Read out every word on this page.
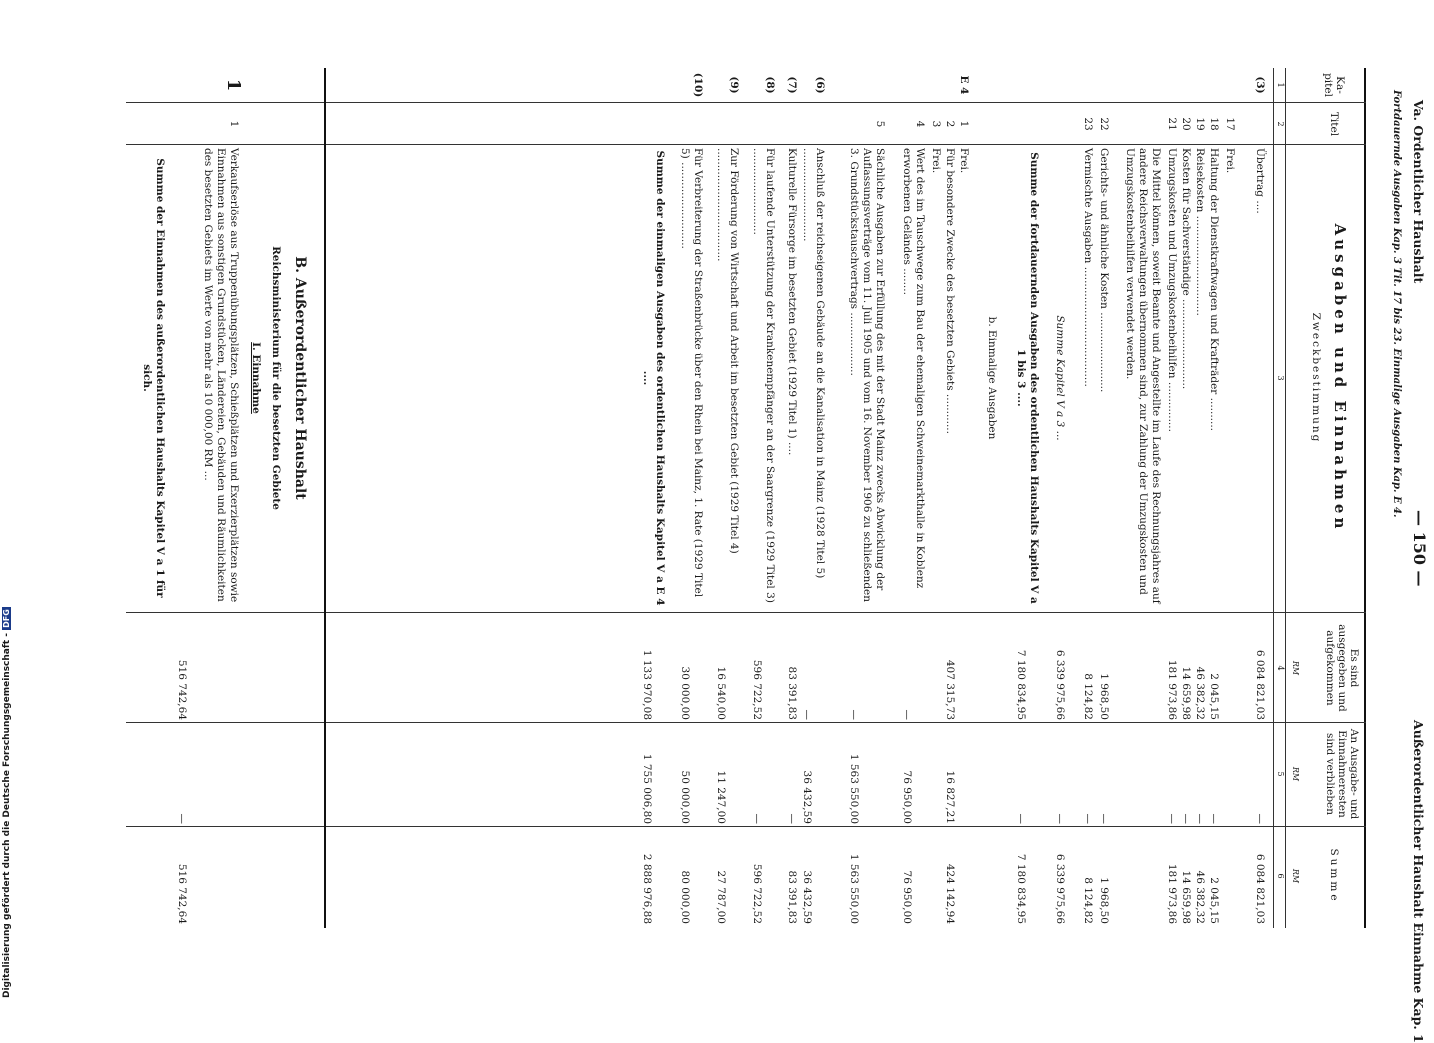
Va. Ordentlicher Haushalt
— 150 —
Außerordentlicher Haushalt Einnahme Kap. 1
Fortdauernde Ausgaben Kap. 3 Tit. 17 bis 23. Einmalige Ausgaben Kap. E 4.
Ka- pitel
Titel
Ausgaben und Einnahmen
Zweckbestimmung
Es sind ausgegeben und aufgekommen
An Ausgabe- und Einnahmeresten sind verblieben
Summe
RM
RM
RM
1
2
3
4
5
6
(3)
Übertrag ....
6 084 821,03
—
6 084 821,03
17
Frei.
18
Haltung der Dienstkraftwagen und Krafträder ..........
2 045,15
—
2 045,15
19
Reisekosten ..............................
46 382,32
—
46 382,32
20
Kosten für Sachverständige ...........................
14 659,98
—
14 659,98
21
Umzugskosten und Umzugskostenbeihilfen ...............
181 973,86
—
181 973,86
Die Mittel können, soweit Beamte und Angestellte im Laufe des Rechnungsjahres auf andere Reichsverwaltungen übernommen sind, zur Zahlung der Umzugskosten und Umzugskostenbeihilfen verwendet werden.
22
Gerichts- und ähnliche Kosten ........................
1 968,50
—
1 968,50
23
Vermischte Ausgaben ....................................
8 124,82
—
8 124,82
Summe Kapitel V a 3 ...
6 339 975,66
—
6 339 975,66
Summe der fortdauernden Ausgaben des ordentlichen Haushalts Kapitel V a 1 bis 3 ....
7 180 834,95
—
7 180 834,95
b. Einmalige Ausgaben
E 4
1
Frei.
2
Für besondere Zwecke des besetzten Gebiets ............
407 315,73
16 827,21
424 142,94
3
Frei.
4
Wert des im Tauschwege zum Bau der ehemaligen Schweinemarkthalle in Koblenz erworbenen Geländes ........
—
76 950,00
76 950,00
5
Sächliche Ausgaben zur Erfüllung des mit der Stadt Mainz zwecks Abwicklung der Auflassungsverträge vom 11. Juli 1905 und vom 16. November 1906 zu schließenden 3. Grundstückstauschvertrags ...................
—
1 563 550,00
1 563 550,00
(6)
Anschluß der reichseigenen Gebäude an die Kanalisation in Mainz (1928 Titel 5) ............................
—
36 432,59
36 432,59
(7)
Kulturelle Fürsorge im besetzten Gebiet (1929 Titel 1) ....
83 391,83
—
83 391,83
(8)
Für laufende Unterstützung der Krankenempfänger an der Saargrenze (1929 Titel 3) ..........................
596 722,52
—
596 722,52
(9)
Zur Förderung von Wirtschaft und Arbeit im besetzten Gebiet (1929 Titel 4) ..................................
16 540,00
11 247,00
27 787,00
(10)
Für Verbreiterung der Straßenbrücke über den Rhein bei Mainz, 1. Rate (1929 Titel 5) ..........................
30 000,00
50 000,00
80 000,00
Summe der einmaligen Ausgaben des ordentlichen Haushalts Kapitel V a E 4 ....
1 133 970,08
1 755 006,80
2 888 976,88
B. Außerordentlicher Haushalt
Reichsministerium für die besetzten Gebiete
I. Einnahme
1
1
Verkaufserlöse aus Truppenübungsplätzen, Schießplätzen und Exerzierplätzen sowie Einnahmen aus sonstigen Grundstücken, Ländereien, Gebäuden und Räumlichkeiten des besetzten Gebiets im Werte von mehr als 10 000,00 RM ...
516 742,64
—
516 742,64
Summe der Einnahmen des außerordentlichen Haushalts Kapitel V a 1 für sich.
Digitalisierung gefördert durch die Deutsche Forschungsgemeinschaft - DFG
